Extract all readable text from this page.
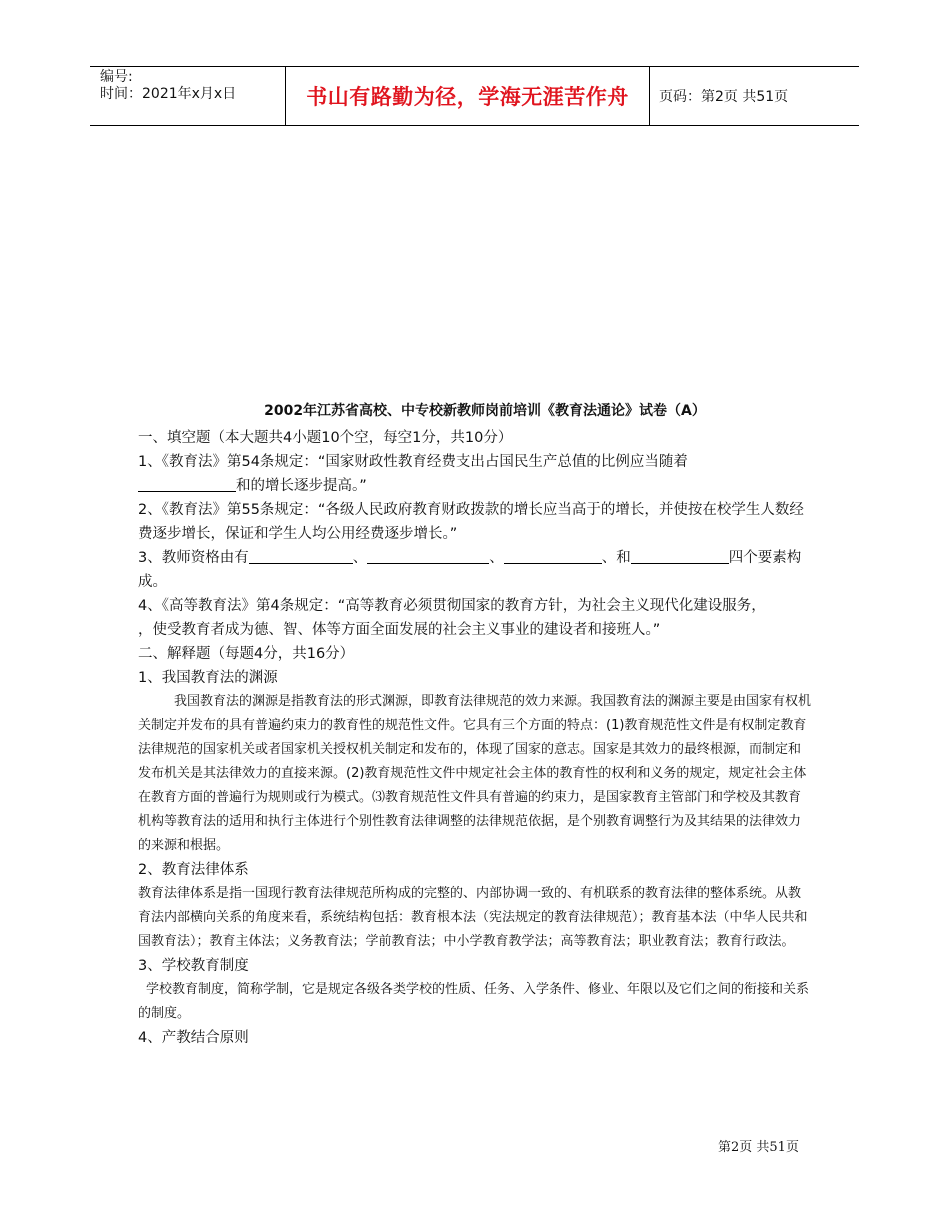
编号:
时间：2021年x月x日	书山有路勤为径，学海无涯苦作舟	页码：第2页 共51页

2002年江苏省高校、中专校新教师岗前培训《教育法通论》试卷（A）

一、填空题（本大题共4小题10个空，每空1分，共10分）

1、《教育法》第54条规定：“国家财政性教育经费支出占国民生产总值的比例应当随着
和的增长逐步提高。”

2、《教育法》第55条规定：“各级人民政府教育财政拨款的增长应当高于的增长，并使按在校学生人数经费逐步增长，保证和学生人均公用经费逐步增长。”

3、教师资格由有	、	、	、和	四个要素构
成。

4、《高等教育法》第4条规定：“高等教育必须贯彻国家的教育方针，为社会主义现代化建设服务，

，使受教育者成为德、智、体等方面全面发展的社会主义事业的建设者和接班人。”

二、解释题（每题4分，共16分）

1、我国教育法的渊源

我国教育法的渊源是指教育法的形式渊源，即教育法律规范的效力来源。我国教育法的渊源主要是由国家有权机关制定并发布的具有普遍约束力的教育性的规范性文件。它具有三个方面的特点：(1)教育规范性文件是有权制定教育法律规范的国家机关或者国家机关授权机关制定和发布的，体现了国家的意志。国家是其效力的最终根源，而制定和发布机关是其法律效力的直接来源。(2)教育规范性文件中规定社会主体的教育性的权利和义务的规定，规定社会主体在教育方面的普遍行为规则或行为模式。⑶教育规范性文件具有普遍的约束力，是国家教育主管部门和学校及其教育机构等教育法的适用和执行主体进行个别性教育法律调整的法律规范依据，是个别教育调整行为及其结果的法律效力的来源和根据。

2、教育法律体系

教育法律体系是指一国现行教育法律规范所构成的完整的、内部协调一致的、有机联系的教育法律的整体系统。从教育法内部横向关系的角度来看，系统结构包括：教育根本法（宪法规定的教育法律规范）；教育基本法（中华人民共和国教育法）；教育主体法；义务教育法；学前教育法；中小学教育教学法；高等教育法；职业教育法；教育行政法。

3、学校教育制度

学校教育制度，简称学制，它是规定各级各类学校的性质、任务、入学条件、修业、年限以及它们之间的衔接和关系的制度。

4、产教结合原则

第2页 共51页
